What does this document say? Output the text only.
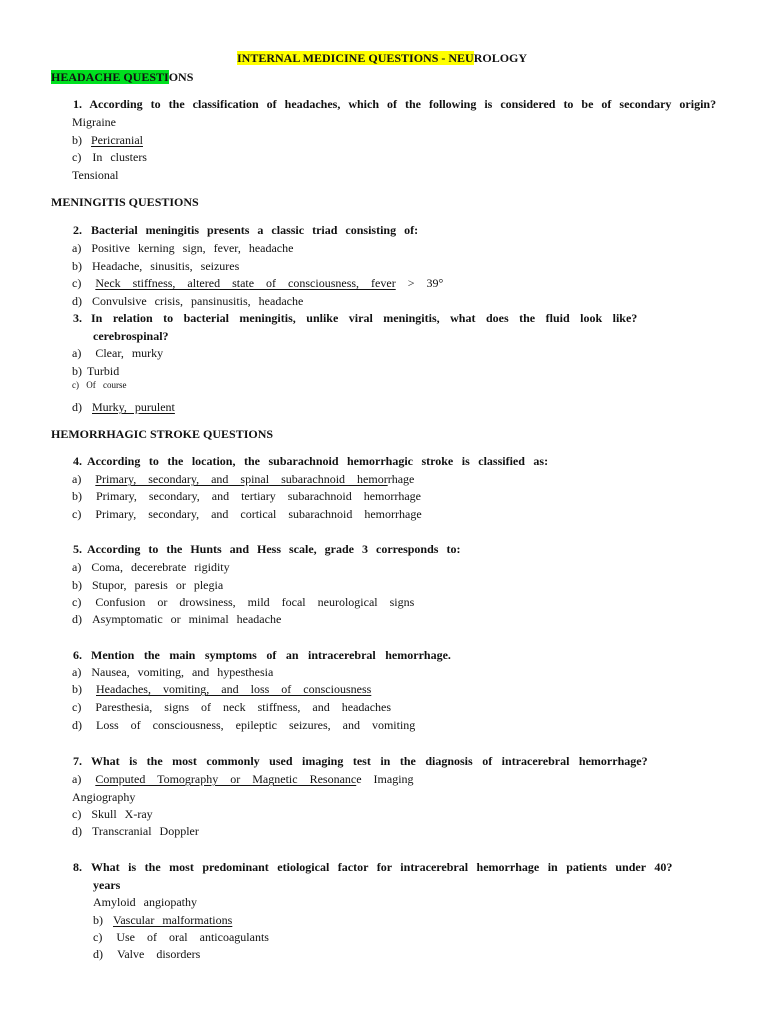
INTERNAL MEDICINE QUESTIONS - NEUROLOGY
HEADACHE QUESTIONS
1. According to the classification of headaches, which of the following is considered to be of secondary origin?
Migraine
b) Pericranial
c) In clusters
Tensional
MENINGITIS QUESTIONS
2. Bacterial meningitis presents a classic triad consisting of:
a) Positive kerning sign, fever, headache
b) Headache, sinusitis, seizures
c) Neck stiffness, altered state of consciousness, fever > 39°
d) Convulsive crisis, pansinusitis, headache
3. In relation to bacterial meningitis, unlike viral meningitis, what does the fluid look like?
cerebrospinal?
a) Clear, murky
b) Turbid
c) Of course
d) Murky, purulent
HEMORRHAGIC STROKE QUESTIONS
4. According to the location, the subarachnoid hemorrhagic stroke is classified as:
a) Primary, secondary, and spinal subarachnoid hemorrhage
b) Primary, secondary, and tertiary subarachnoid hemorrhage
c) Primary, secondary, and cortical subarachnoid hemorrhage
5. According to the Hunts and Hess scale, grade 3 corresponds to:
a) Coma, decerebrate rigidity
b) Stupor, paresis or plegia
c) Confusion or drowsiness, mild focal neurological signs
d) Asymptomatic or minimal headache
6. Mention the main symptoms of an intracerebral hemorrhage.
a) Nausea, vomiting, and hypesthesia
b) Headaches, vomiting, and loss of consciousness
c) Paresthesia, signs of neck stiffness, and headaches
d) Loss of consciousness, epileptic seizures, and vomiting
7. What is the most commonly used imaging test in the diagnosis of intracerebral hemorrhage?
a) Computed Tomography or Magnetic Resonance Imaging
Angiography
c) Skull X-ray
d) Transcranial Doppler
8. What is the most predominant etiological factor for intracerebral hemorrhage in patients under 40?
years
Amyloid angiopathy
b) Vascular malformations
c) Use of oral anticoagulants
d) Valve disorders
